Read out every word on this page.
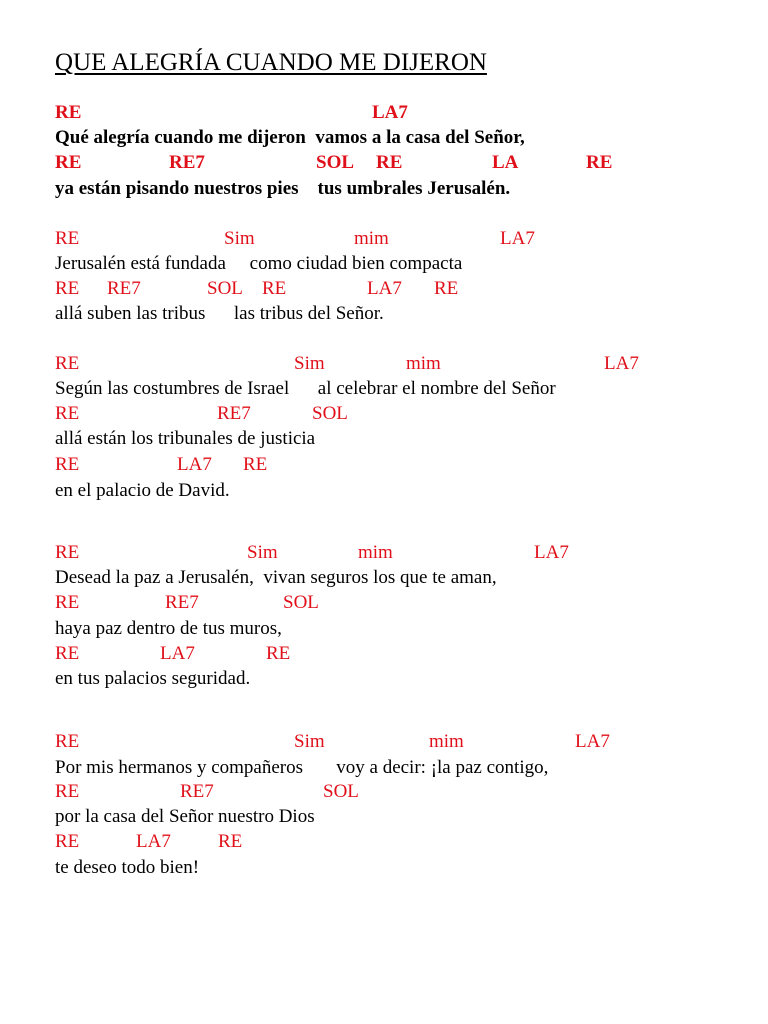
QUE ALEGRÍA CUANDO ME DIJERON
RE	LA7
Qué alegría cuando me dijeron  vamos a la casa del Señor,
RE	RE7	SOL RE	LA	RE
ya están pisando nuestros pies    tus umbrales Jerusalén.
RE	Sim	mim	LA7
Jerusalén está fundada     como ciudad bien compacta
RE RE7	SOL RE	LA7 RE
allá suben las tribus      las tribus del Señor.
RE	Sim	mim	LA7
Según las costumbres de Israel      al celebrar el nombre del Señor
RE	RE7	SOL
allá están los tribunales de justicia
RE	LA7 RE
en el palacio de David.
RE	Sim	mim	LA7
Desead la paz a Jerusalén,  vivan seguros los que te aman,
RE	RE7	SOL
haya paz dentro de tus muros,
RE	LA7	RE
en tus palacios seguridad.
RE	Sim	mim	LA7
Por mis hermanos y compañeros       voy a decir: ¡la paz contigo,
RE	RE7	SOL
por la casa del Señor nuestro Dios
RE	LA7 RE
te deseo todo bien!
